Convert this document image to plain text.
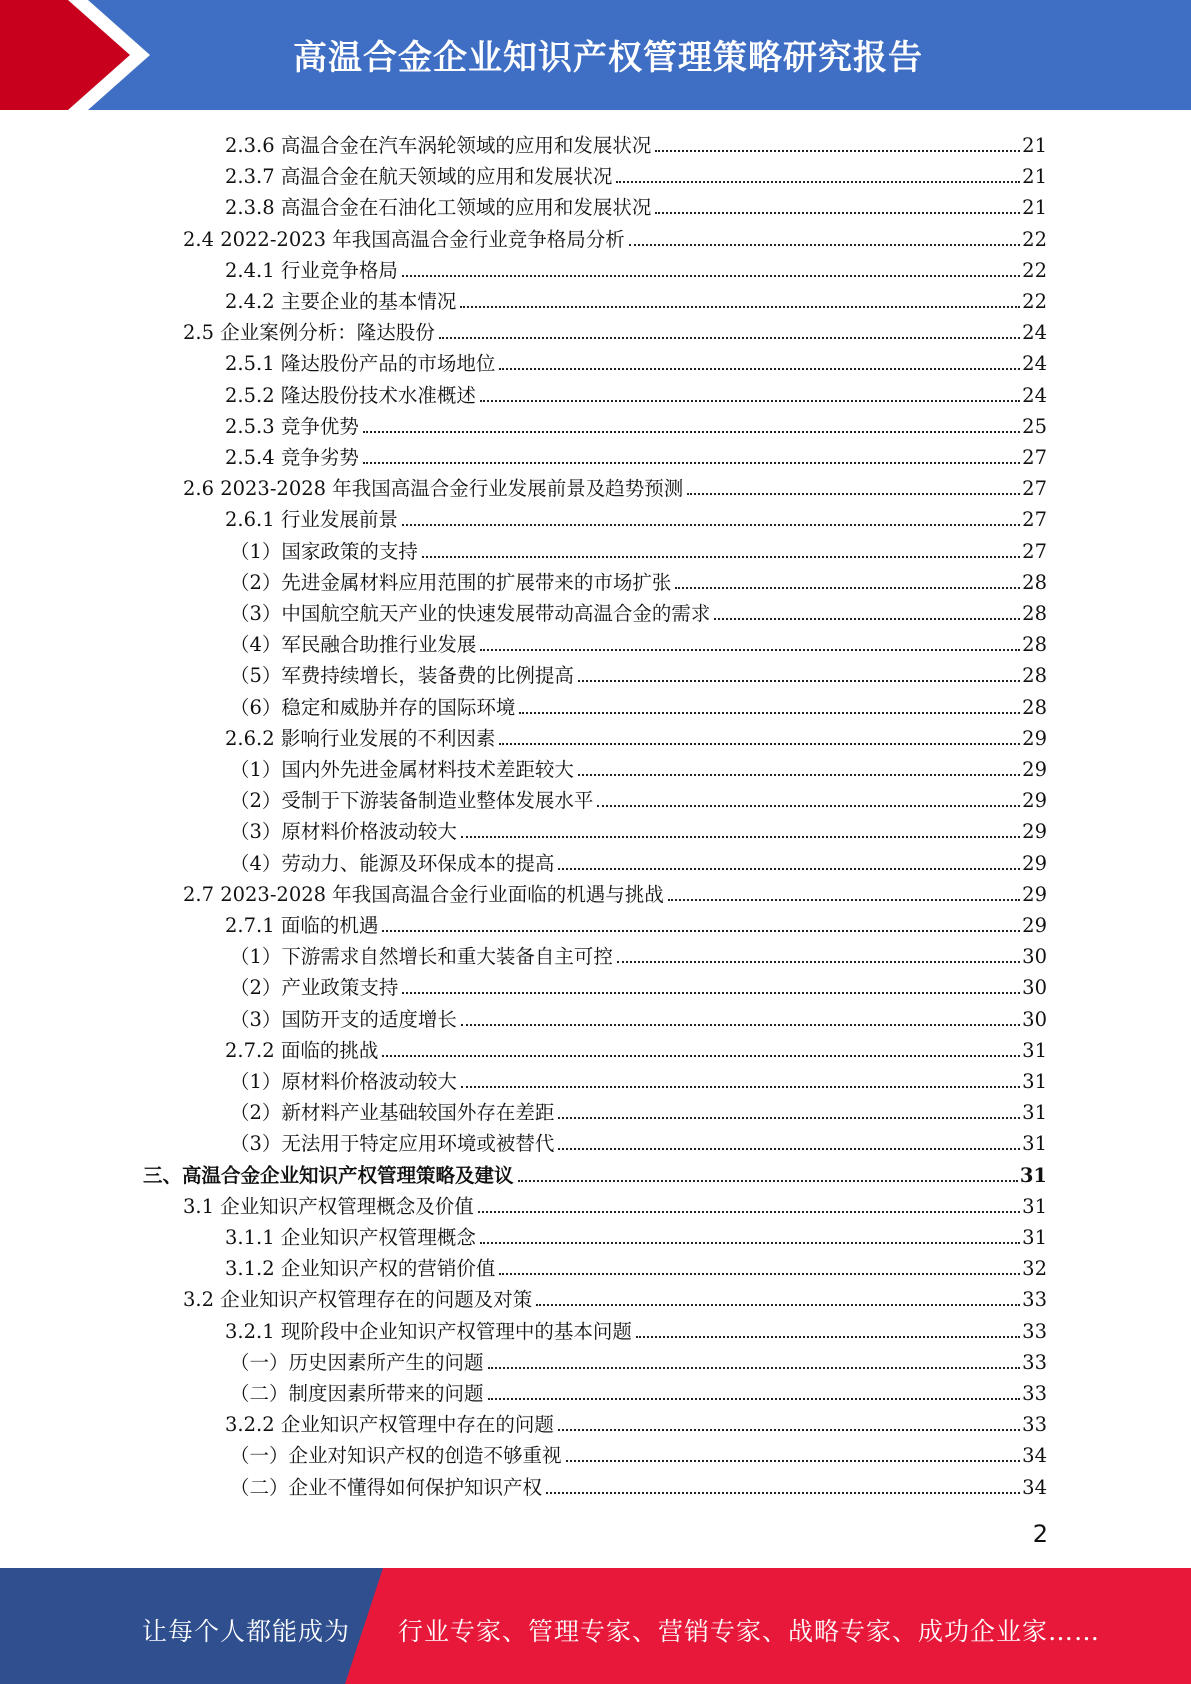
高温合金企业知识产权管理策略研究报告
2.3.6 高温合金在汽车涡轮领域的应用和发展状况	21
2.3.7 高温合金在航天领域的应用和发展状况	21
2.3.8 高温合金在石油化工领域的应用和发展状况	21
2.4 2022-2023 年我国高温合金行业竞争格局分析	22
2.4.1 行业竞争格局	22
2.4.2 主要企业的基本情况	22
2.5 企业案例分析：隆达股份	24
2.5.1 隆达股份产品的市场地位	24
2.5.2 隆达股份技术水准概述	24
2.5.3 竞争优势	25
2.5.4 竞争劣势	27
2.6 2023-2028 年我国高温合金行业发展前景及趋势预测	27
2.6.1 行业发展前景	27
（1）国家政策的支持	27
（2）先进金属材料应用范围的扩展带来的市场扩张	28
（3）中国航空航天产业的快速发展带动高温合金的需求	28
（4）军民融合助推行业发展	28
（5）军费持续增长，装备费的比例提高	28
（6）稳定和威胁并存的国际环境	28
2.6.2 影响行业发展的不利因素	29
（1）国内外先进金属材料技术差距较大	29
（2）受制于下游装备制造业整体发展水平	29
（3）原材料价格波动较大	29
（4）劳动力、能源及环保成本的提高	29
2.7 2023-2028 年我国高温合金行业面临的机遇与挑战	29
2.7.1 面临的机遇	29
（1）下游需求自然增长和重大装备自主可控	30
（2）产业政策支持	30
（3）国防开支的适度增长	30
2.7.2 面临的挑战	31
（1）原材料价格波动较大	31
（2）新材料产业基础较国外存在差距	31
（3）无法用于特定应用环境或被替代	31
三、高温合金企业知识产权管理策略及建议	31
3.1 企业知识产权管理概念及价值	31
3.1.1 企业知识产权管理概念	31
3.1.2 企业知识产权的营销价值	32
3.2 企业知识产权管理存在的问题及对策	33
3.2.1 现阶段中企业知识产权管理中的基本问题	33
（一）历史因素所产生的问题	33
（二）制度因素所带来的问题	33
3.2.2 企业知识产权管理中存在的问题	33
（一）企业对知识产权的创造不够重视	34
（二）企业不懂得如何保护知识产权	34
2
让每个人都能成为 行业专家、管理专家、营销专家、战略专家、成功企业家……
